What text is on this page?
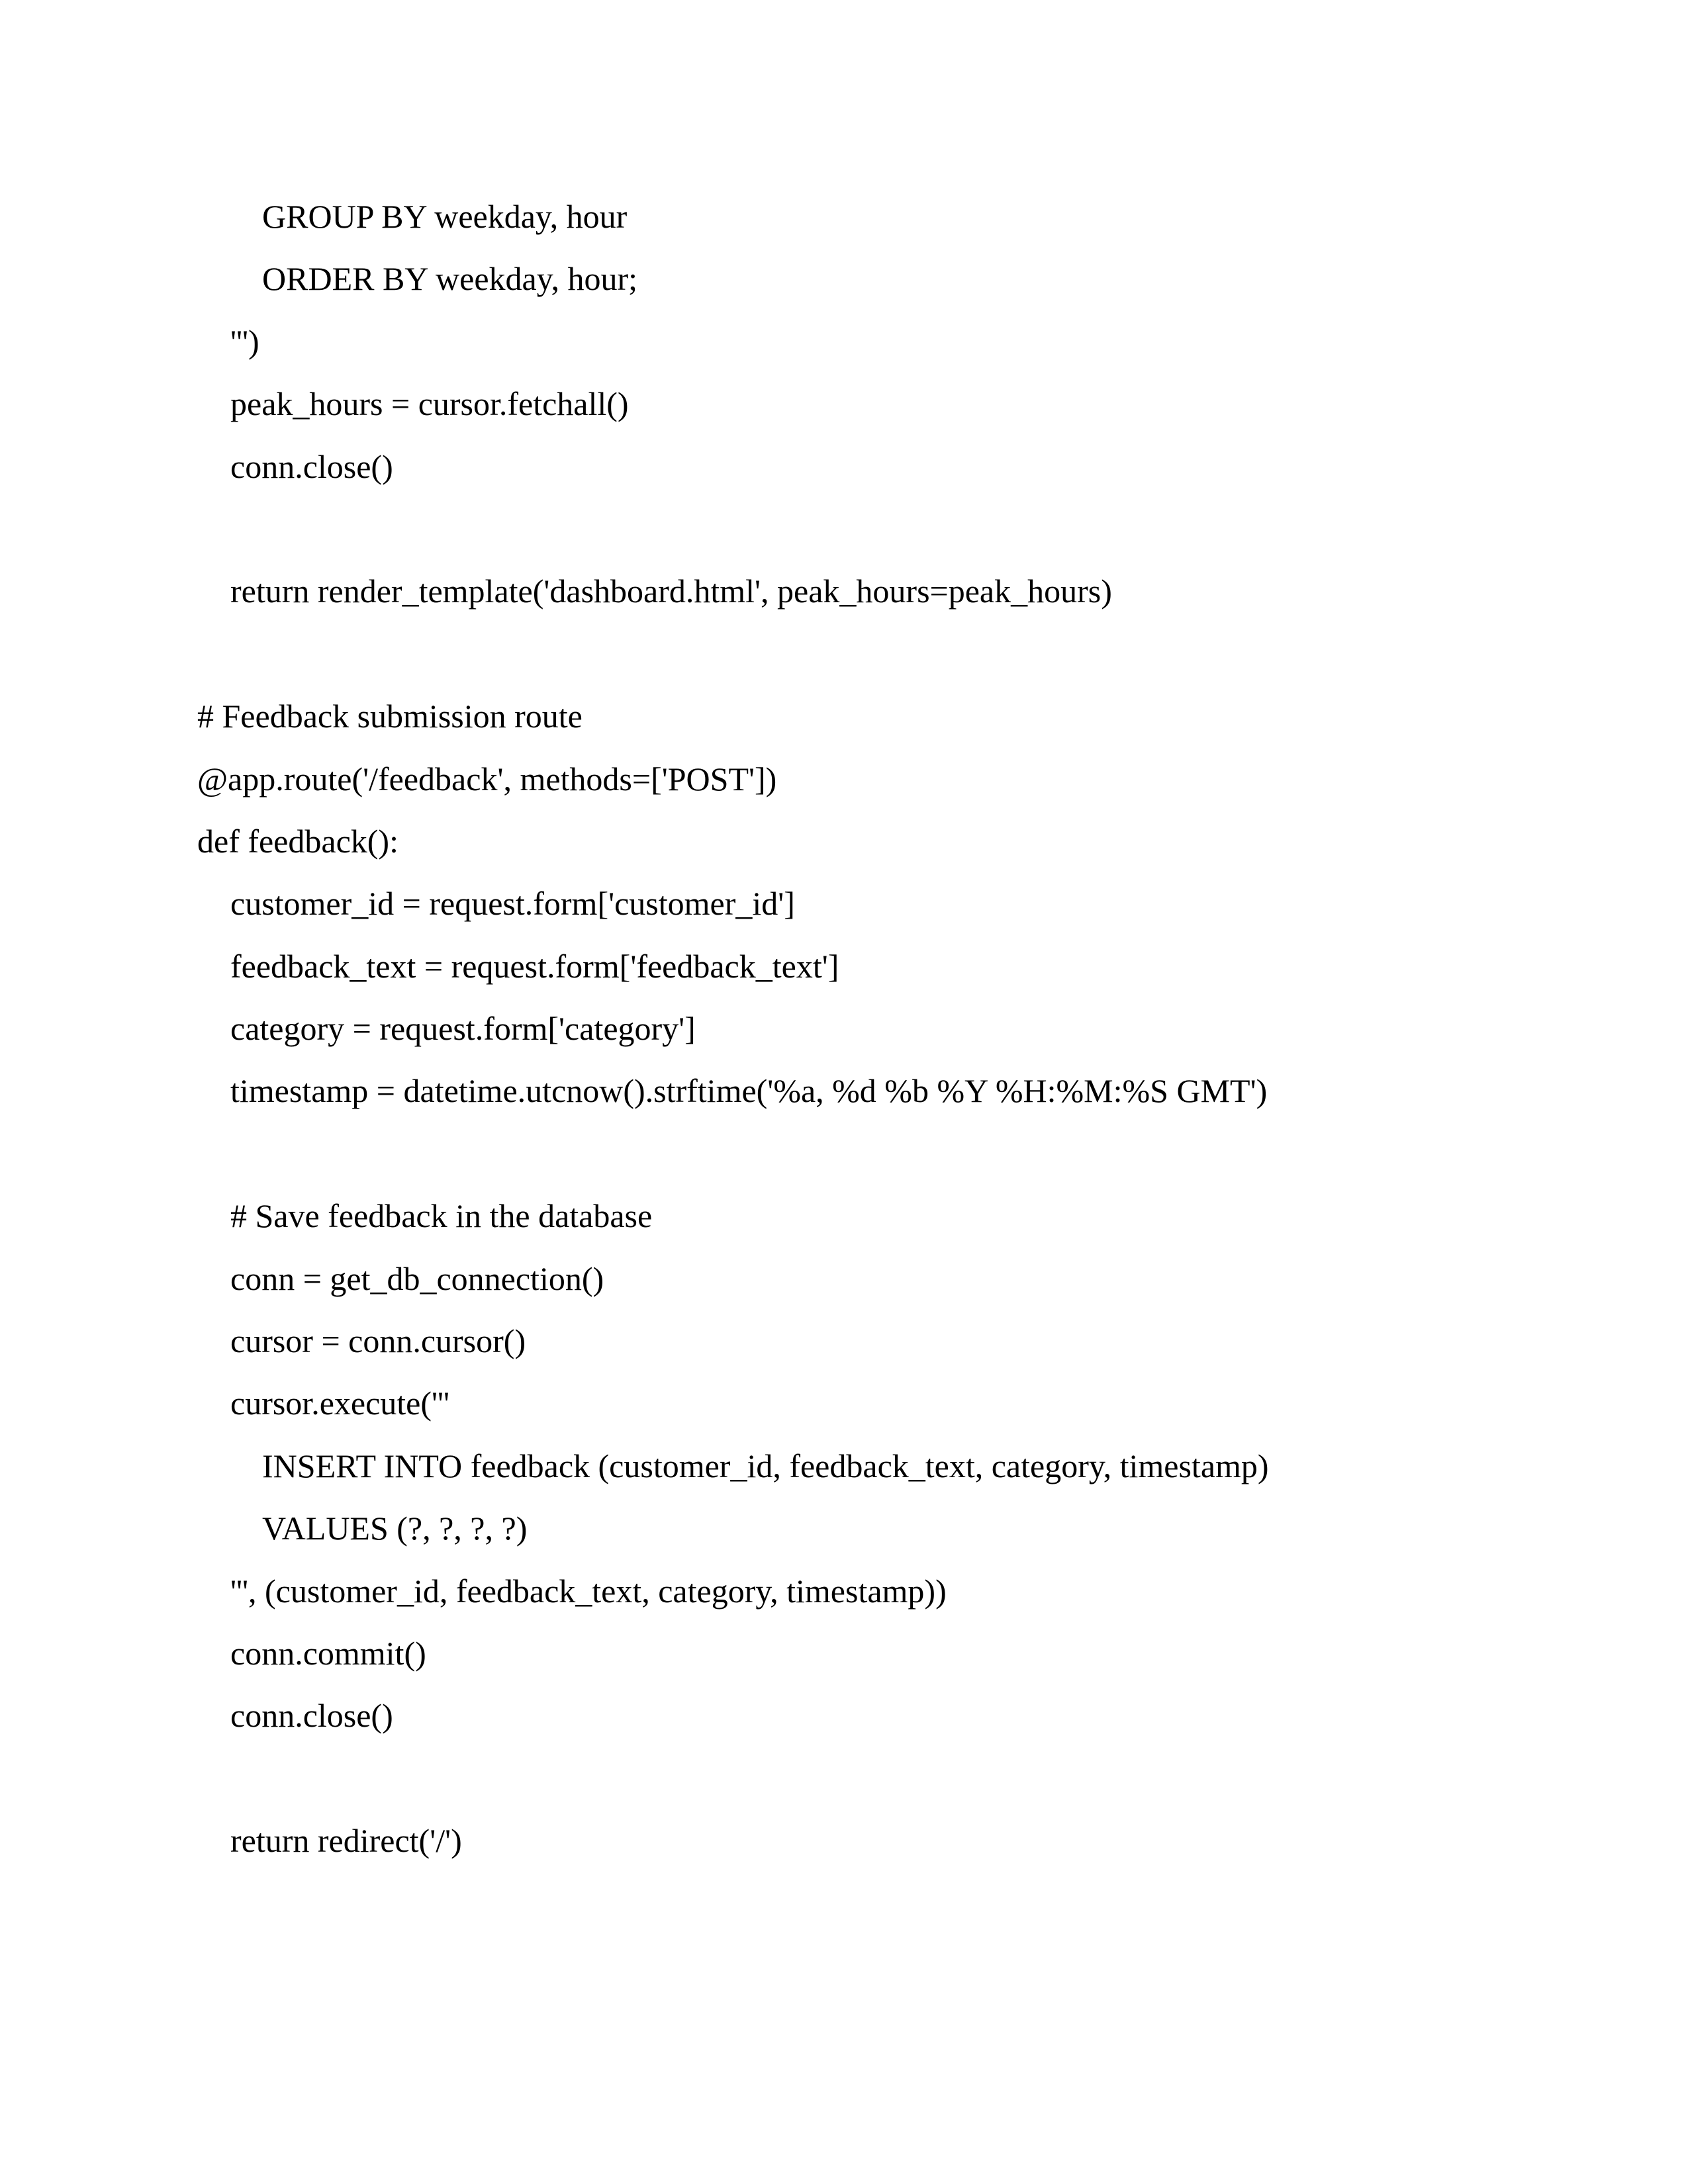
GROUP BY weekday, hour
ORDER BY weekday, hour;
''')
peak_hours = cursor.fetchall()
conn.close()
return render_template('dashboard.html', peak_hours=peak_hours)
# Feedback submission route
@app.route('/feedback', methods=['POST'])
def feedback():
customer_id = request.form['customer_id']
feedback_text = request.form['feedback_text']
category = request.form['category']
timestamp = datetime.utcnow().strftime('%a, %d %b %Y %H:%M:%S GMT')
# Save feedback in the database
conn = get_db_connection()
cursor = conn.cursor()
cursor.execute('''
INSERT INTO feedback (customer_id, feedback_text, category, timestamp)
VALUES (?, ?, ?, ?)
''', (customer_id, feedback_text, category, timestamp))
conn.commit()
conn.close()
return redirect('/')
